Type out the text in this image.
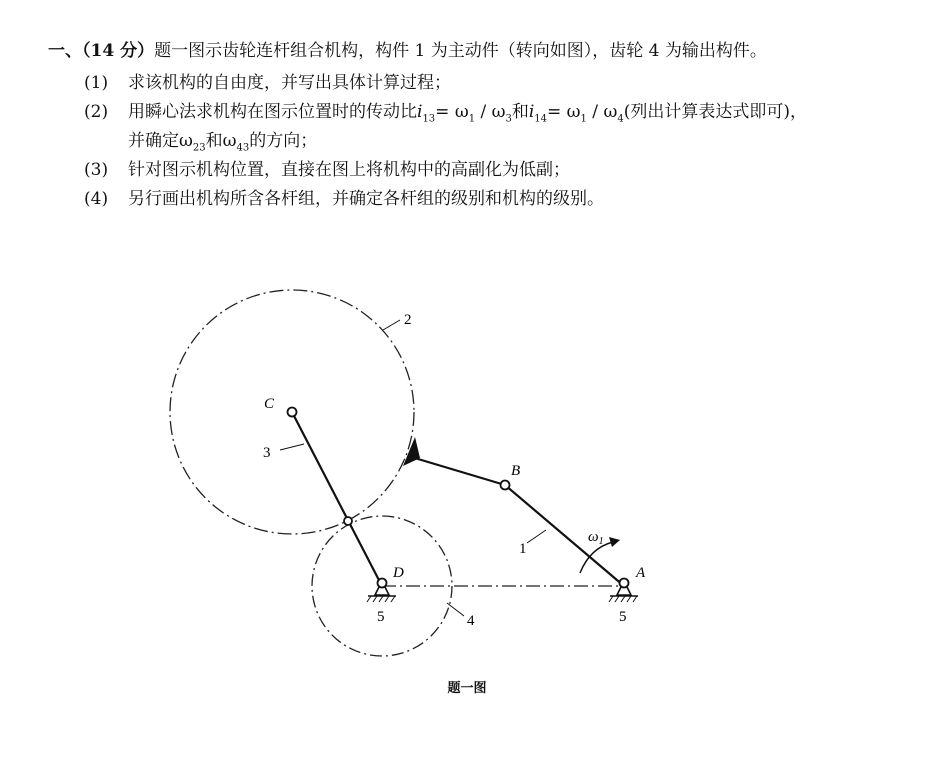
一、（14 分）题一图示齿轮连杆组合机构，构件 1 为主动件（转向如图），齿轮 4 为输出构件。
(1) 求该机构的自由度，并写出具体计算过程；
(2) 用瞬心法求机构在图示位置时的传动比$i_{13}= \omega_1 / \omega_3$和$i_{14}= \omega_1 / \omega_4$(列出计算表达式即可)，
并确定$\omega_{23}$和$\omega_{43}$的方向；
(3) 针对图示机构位置，直接在图上将机构中的高副化为低副；
(4) 另行画出机构所含各杆组，并确定各杆组的级别和机构的级别。
C
B
D	A
2
3
1
4
5	5
$\omega_1$
题一图
